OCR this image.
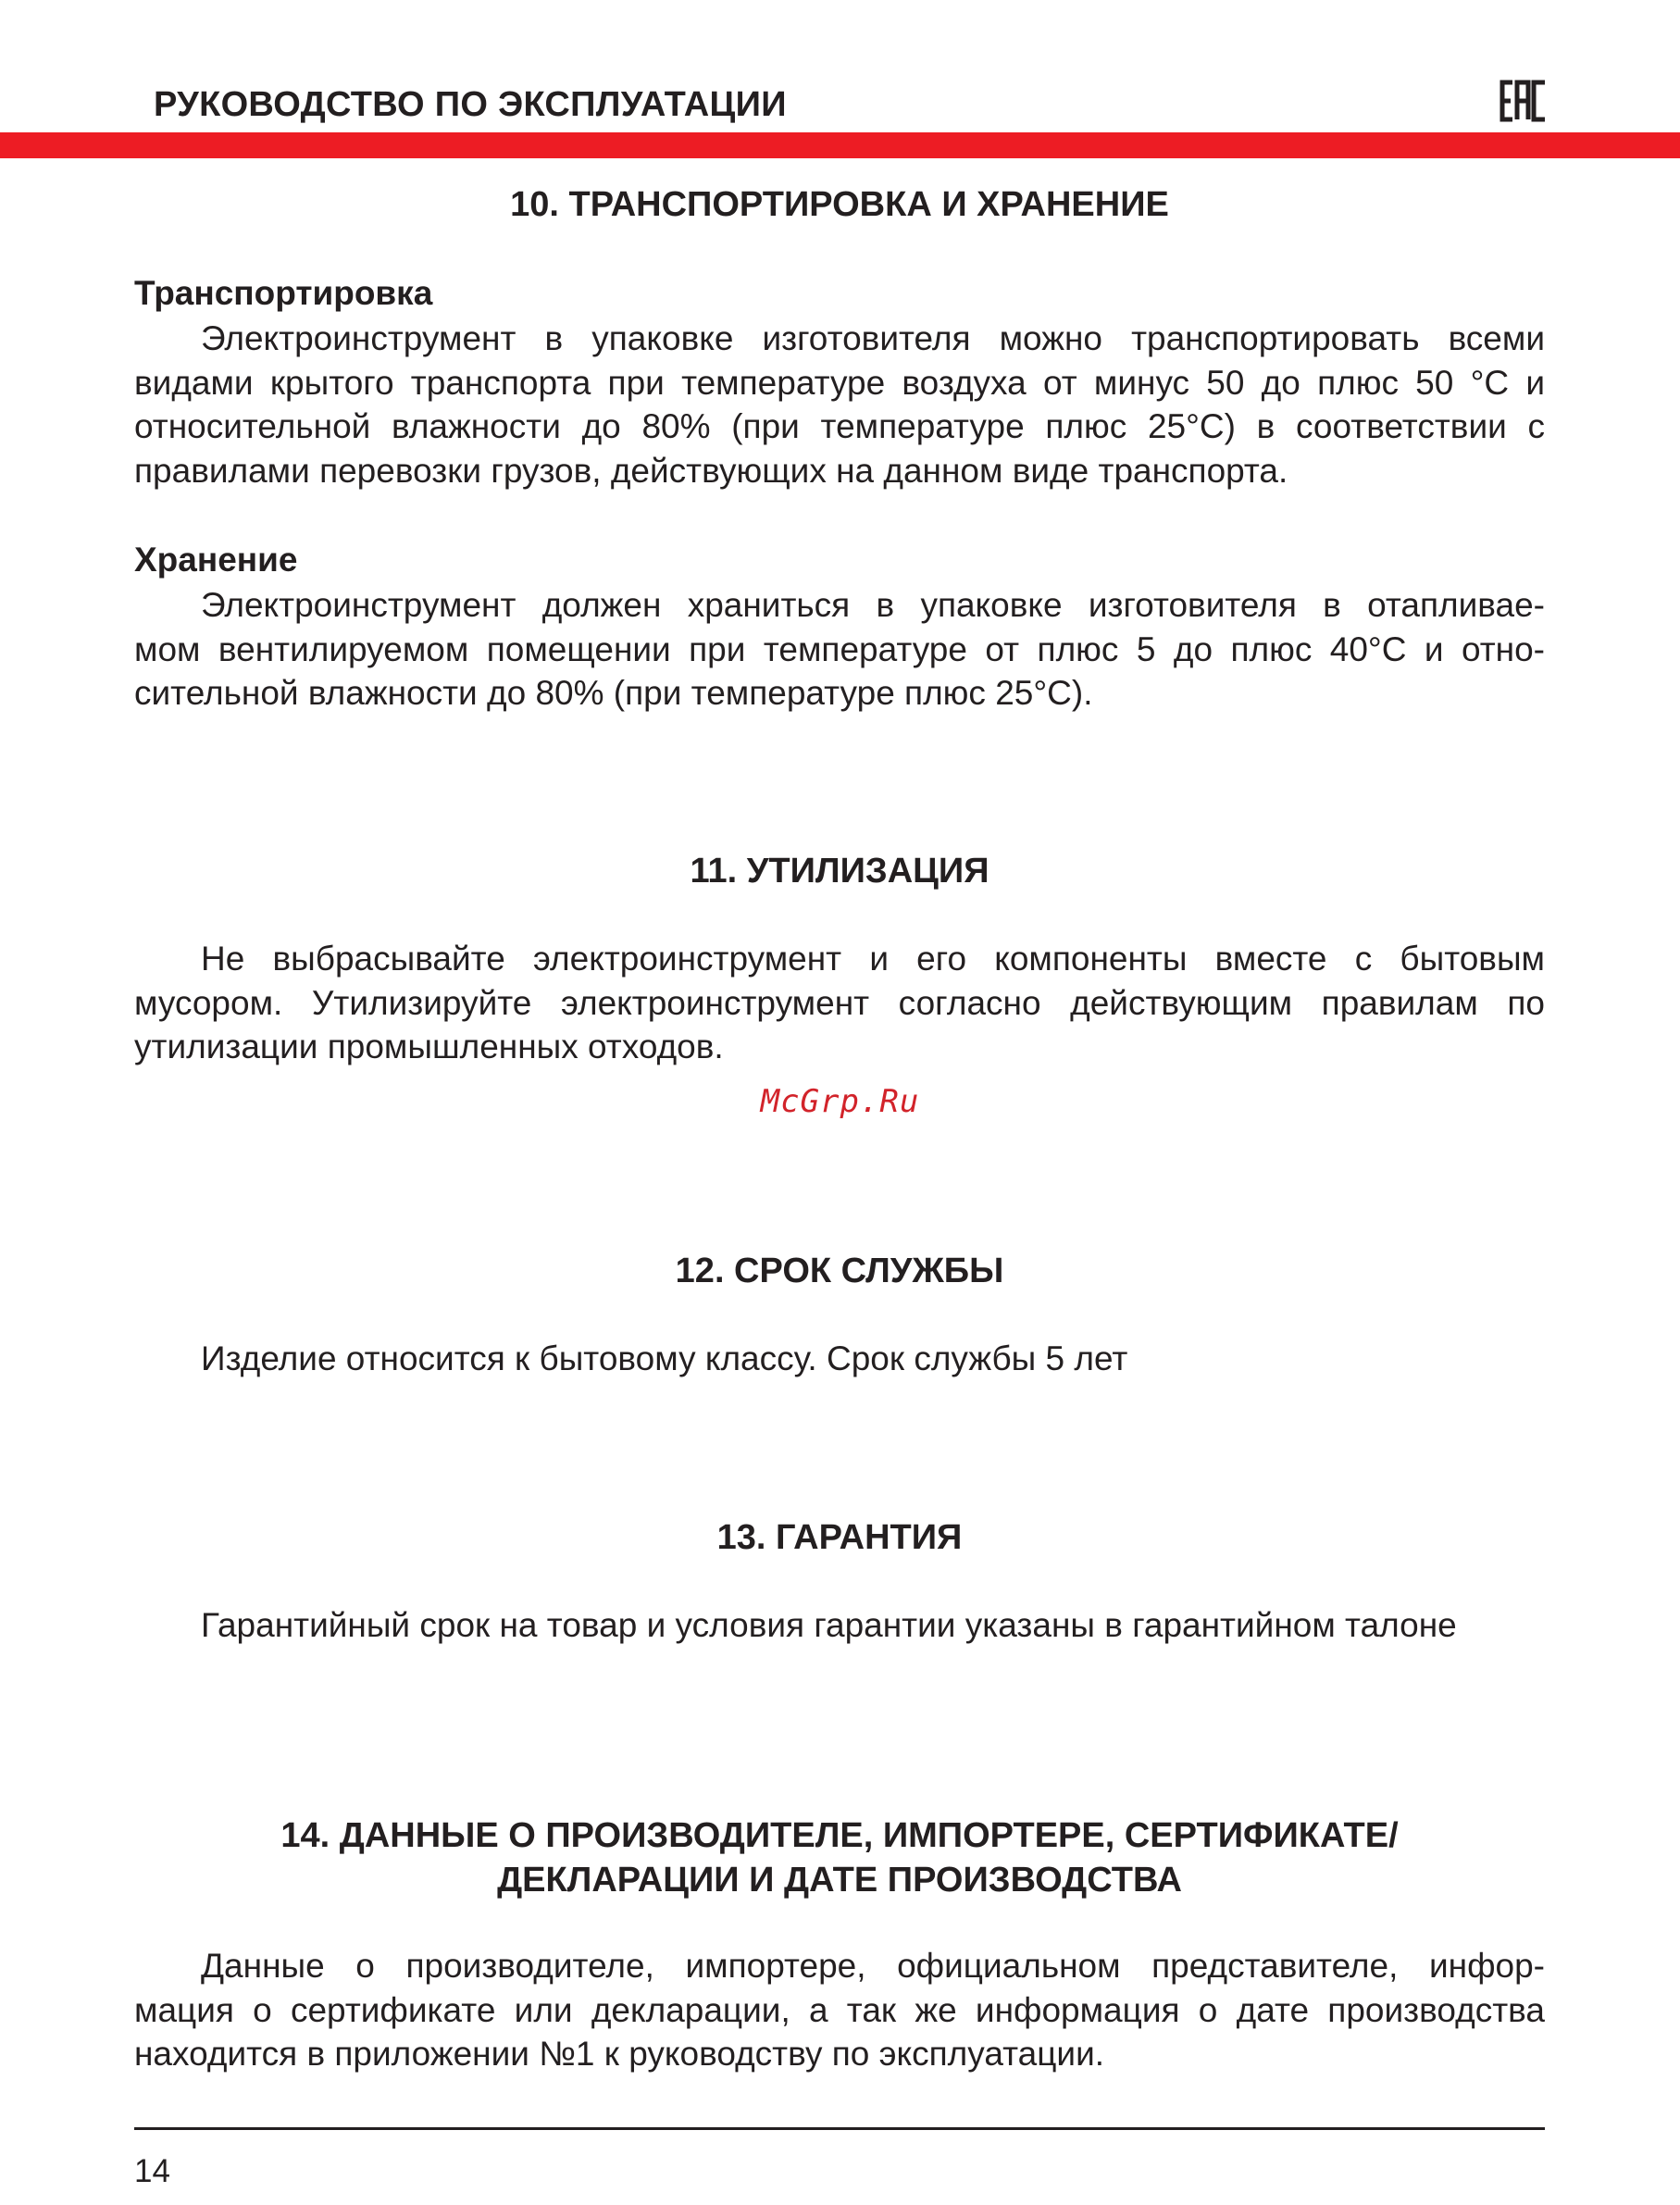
РУКОВОДСТВО ПО ЭКСПЛУАТАЦИИ
10. ТРАНСПОРТИРОВКА И ХРАНЕНИЕ
Транспортировка
Электроинструмент в упаковке изготовителя можно транспортировать всеми
видами крытого транспорта при температуре воздуха от минус 50 до плюс 50 °С и
относительной влажности до 80% (при температуре плюс 25°С) в соответствии с
правилами перевозки грузов, действующих на данном виде транспорта.
Хранение
Электроинструмент должен храниться в упаковке изготовителя в отапливае-
мом вентилируемом помещении при температуре от плюс 5 до плюс 40°С и отно-
сительной влажности до 80% (при температуре плюс 25°С).
11. УТИЛИЗАЦИЯ
Не выбрасывайте электроинструмент и его компоненты вместе с бытовым
мусором. Утилизируйте электроинструмент согласно действующим правилам по
утилизации промышленных отходов.
McGrp.Ru
12. СРОК СЛУЖБЫ
Изделие относится к бытовому классу. Срок службы 5 лет
13. ГАРАНТИЯ
Гарантийный срок на товар и условия гарантии указаны в гарантийном талоне
14. ДАННЫЕ О ПРОИЗВОДИТЕЛЕ, ИМПОРТЕРЕ, СЕРТИФИКАТЕ/
ДЕКЛАРАЦИИ И ДАТЕ ПРОИЗВОДСТВА
Данные о производителе, импортере, официальном представителе, инфор-
мация о сертификате или декларации, а так же информация о дате производства
находится в приложении №1 к руководству по эксплуатации.
14
